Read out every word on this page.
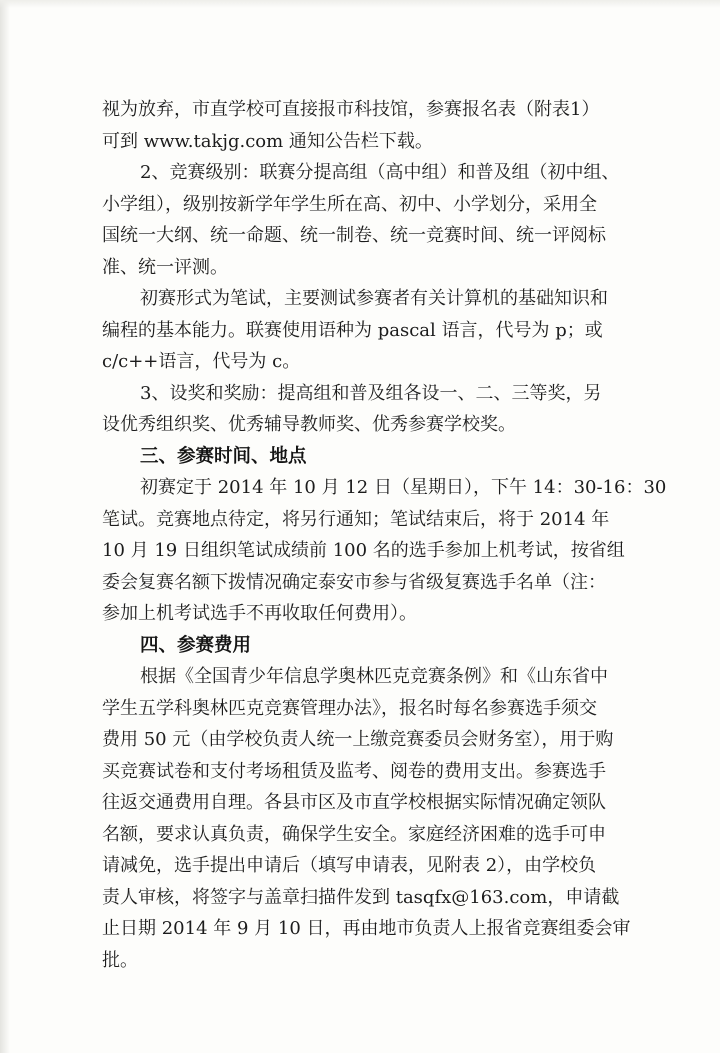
视为放弃，市直学校可直接报市科技馆，参赛报名表（附表1）
可到 www.takjg.com 通知公告栏下载。
2、竞赛级别：联赛分提高组（高中组）和普及组（初中组、
小学组），级别按新学年学生所在高、初中、小学划分，采用全
国统一大纲、统一命题、统一制卷、统一竞赛时间、统一评阅标
准、统一评测。
初赛形式为笔试，主要测试参赛者有关计算机的基础知识和
编程的基本能力。联赛使用语种为 pascal 语言，代号为 p；或
c/c++语言，代号为 c。
3、设奖和奖励：提高组和普及组各设一、二、三等奖，另
设优秀组织奖、优秀辅导教师奖、优秀参赛学校奖。
三、参赛时间、地点
初赛定于 2014 年 10 月 12 日（星期日），下午 14：30-16：30
笔试。竞赛地点待定，将另行通知；笔试结束后，将于 2014 年
10 月 19 日组织笔试成绩前 100 名的选手参加上机考试，按省组
委会复赛名额下拨情况确定泰安市参与省级复赛选手名单（注：
参加上机考试选手不再收取任何费用）。
四、参赛费用
根据《全国青少年信息学奥林匹克竞赛条例》和《山东省中
学生五学科奥林匹克竞赛管理办法》，报名时每名参赛选手须交
费用 50 元（由学校负责人统一上缴竞赛委员会财务室），用于购
买竞赛试卷和支付考场租赁及监考、阅卷的费用支出。参赛选手
往返交通费用自理。各县市区及市直学校根据实际情况确定领队
名额，要求认真负责，确保学生安全。家庭经济困难的选手可申
请减免，选手提出申请后（填写申请表，见附表 2），由学校负
责人审核，将签字与盖章扫描件发到 tasqfx@163.com，申请截
止日期 2014 年 9 月 10 日，再由地市负责人上报省竞赛组委会审
批。
